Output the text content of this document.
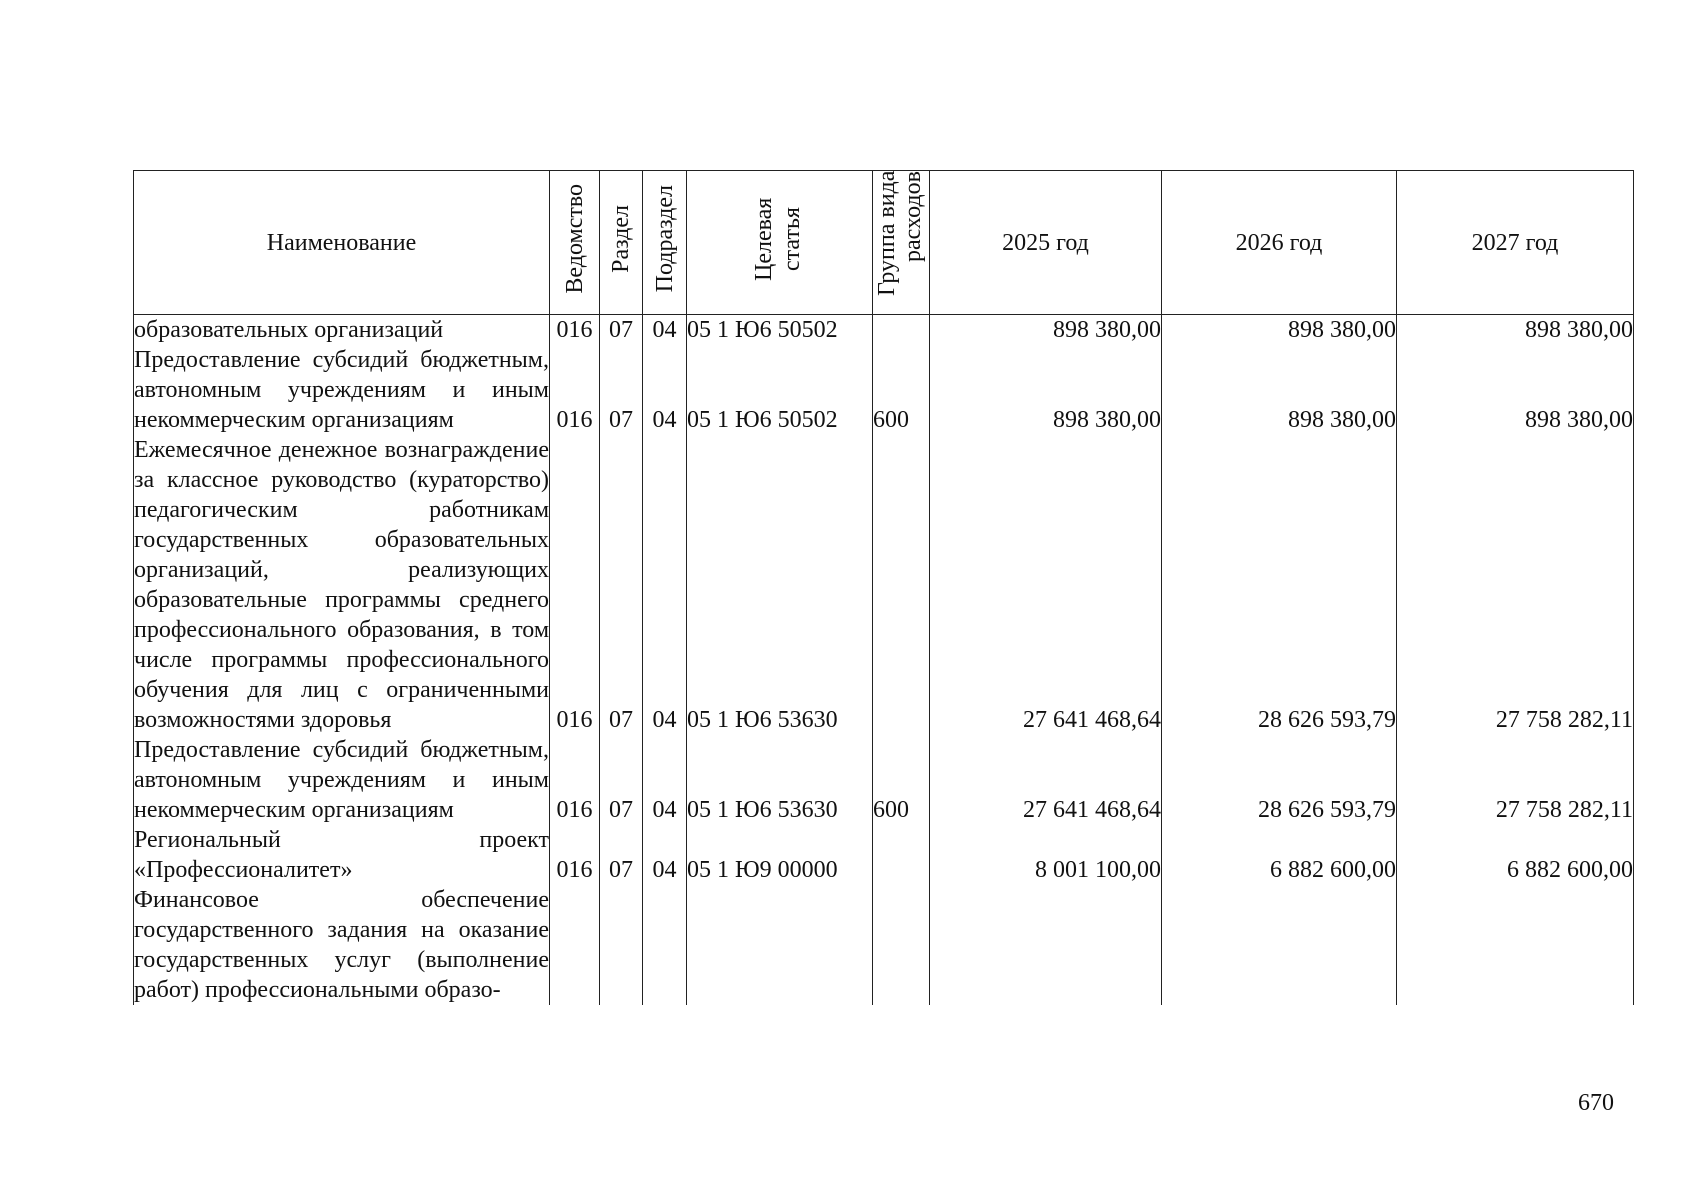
Наименование	Ведомство	Раздел	Подраздел	Целевая статья	Группа вида расходов	2025 год	2026 год	2027 год

образовательных организаций	016	07	04	05 1 Ю6 50502		898 380,00	898 380,00	898 380,00

Предоставление субсидий бюджетным, автономным учреждениям и иным некоммерческим организациям	016	07	04	05 1 Ю6 50502	600	898 380,00	898 380,00	898 380,00

Ежемесячное денежное вознаграждение за классное руководство (кураторство) педагогическим работникам государственных образовательных организаций, реализующих образовательные программы среднего профессионального образования, в том числе программы профессионального обучения для лиц с ограниченными возможностями здоровья	016	07	04	05 1 Ю6 53630		27 641 468,64	28 626 593,79	27 758 282,11

Предоставление субсидий бюджетным, автономным учреждениям и иным некоммерческим организациям	016	07	04	05 1 Ю6 53630	600	27 641 468,64	28 626 593,79	27 758 282,11

Региональный проект «Профессионалитет»	016	07	04	05 1 Ю9 00000		8 001 100,00	6 882 600,00	6 882 600,00

Финансовое обеспечение государственного задания на оказание государственных услуг (выполнение работ) профессиональными образо-								

670
